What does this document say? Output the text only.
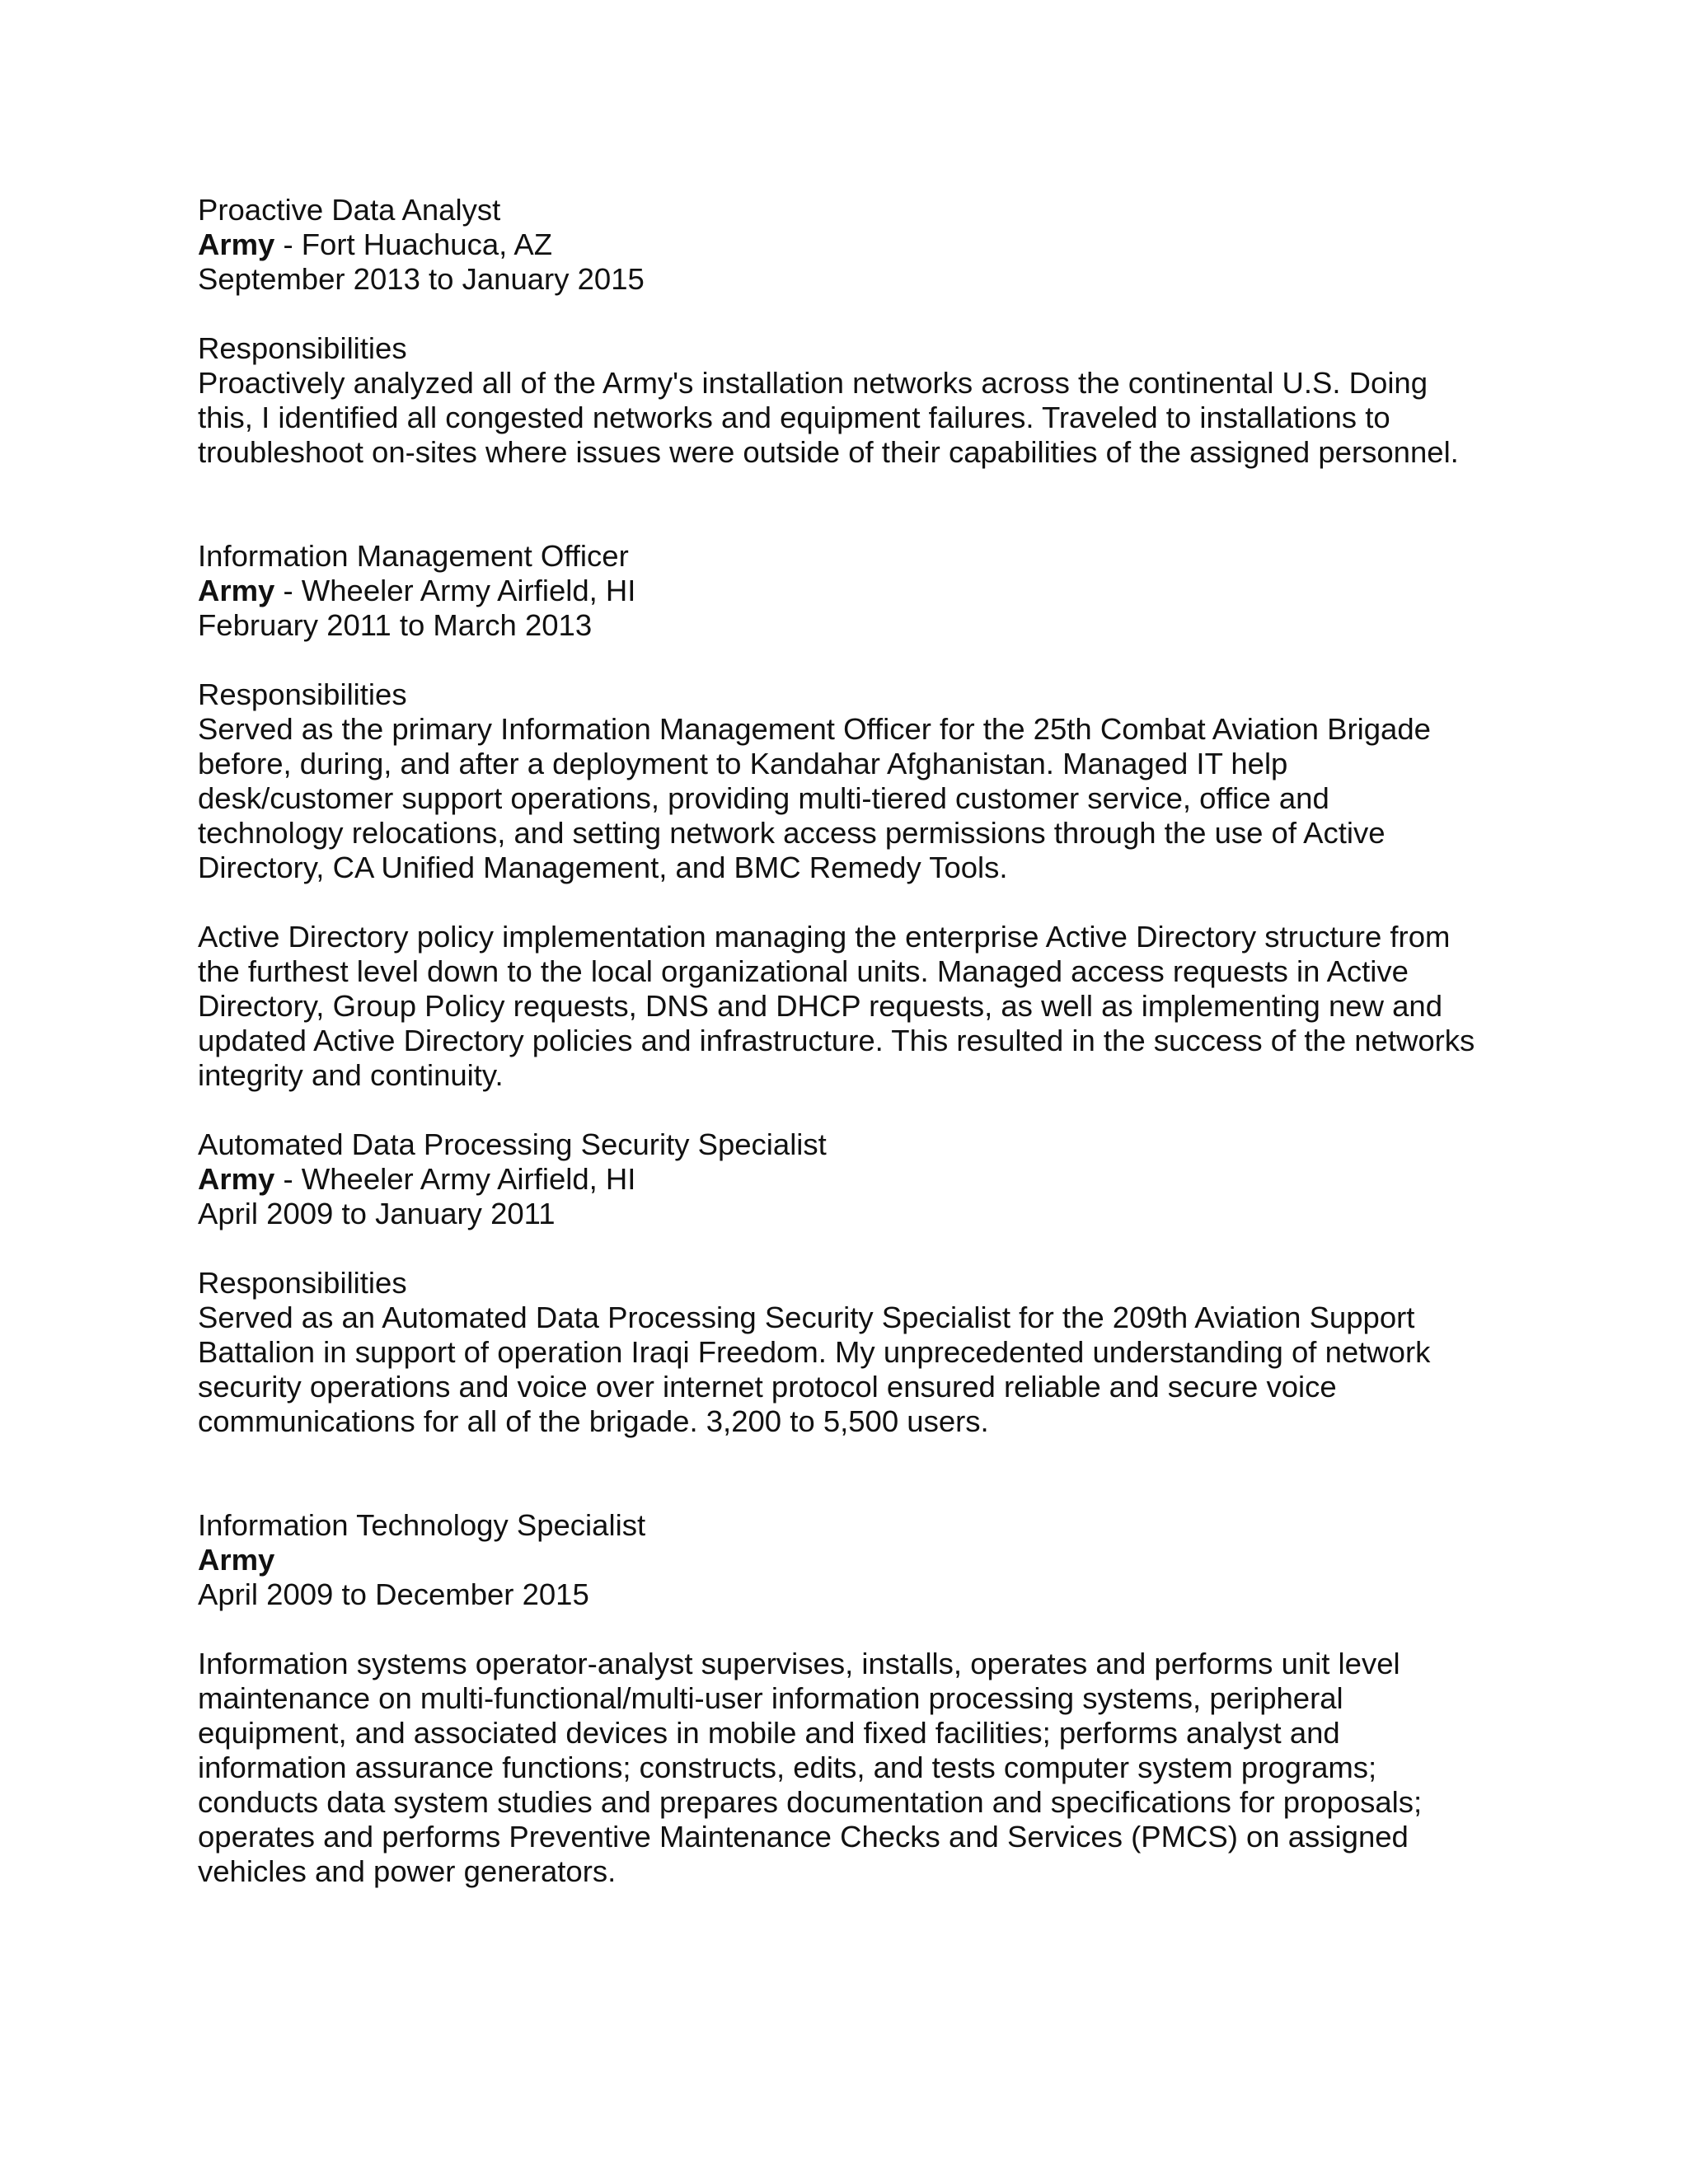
Proactive Data Analyst
Army - Fort Huachuca, AZ
September 2013 to January 2015
Responsibilities
Proactively analyzed all of the Army's installation networks across the continental U.S. Doing
this, I identified all congested networks and equipment failures. Traveled to installations to
troubleshoot on-sites where issues were outside of their capabilities of the assigned personnel.
Information Management Officer
Army - Wheeler Army Airfield, HI
February 2011 to March 2013
Responsibilities
Served as the primary Information Management Officer for the 25th Combat Aviation Brigade
before, during, and after a deployment to Kandahar Afghanistan. Managed IT help
desk/customer support operations, providing multi-tiered customer service, office and
technology relocations, and setting network access permissions through the use of Active
Directory, CA Unified Management, and BMC Remedy Tools.
Active Directory policy implementation managing the enterprise Active Directory structure from
the furthest level down to the local organizational units. Managed access requests in Active
Directory, Group Policy requests, DNS and DHCP requests, as well as implementing new and
updated Active Directory policies and infrastructure. This resulted in the success of the networks
integrity and continuity.
Automated Data Processing Security Specialist
Army - Wheeler Army Airfield, HI
April 2009 to January 2011
Responsibilities
Served as an Automated Data Processing Security Specialist for the 209th Aviation Support
Battalion in support of operation Iraqi Freedom. My unprecedented understanding of network
security operations and voice over internet protocol ensured reliable and secure voice
communications for all of the brigade. 3,200 to 5,500 users.
Information Technology Specialist
Army
April 2009 to December 2015
Information systems operator-analyst supervises, installs, operates and performs unit level
maintenance on multi-functional/multi-user information processing systems, peripheral
equipment, and associated devices in mobile and fixed facilities; performs analyst and
information assurance functions; constructs, edits, and tests computer system programs;
conducts data system studies and prepares documentation and specifications for proposals;
operates and performs Preventive Maintenance Checks and Services (PMCS) on assigned
vehicles and power generators.
